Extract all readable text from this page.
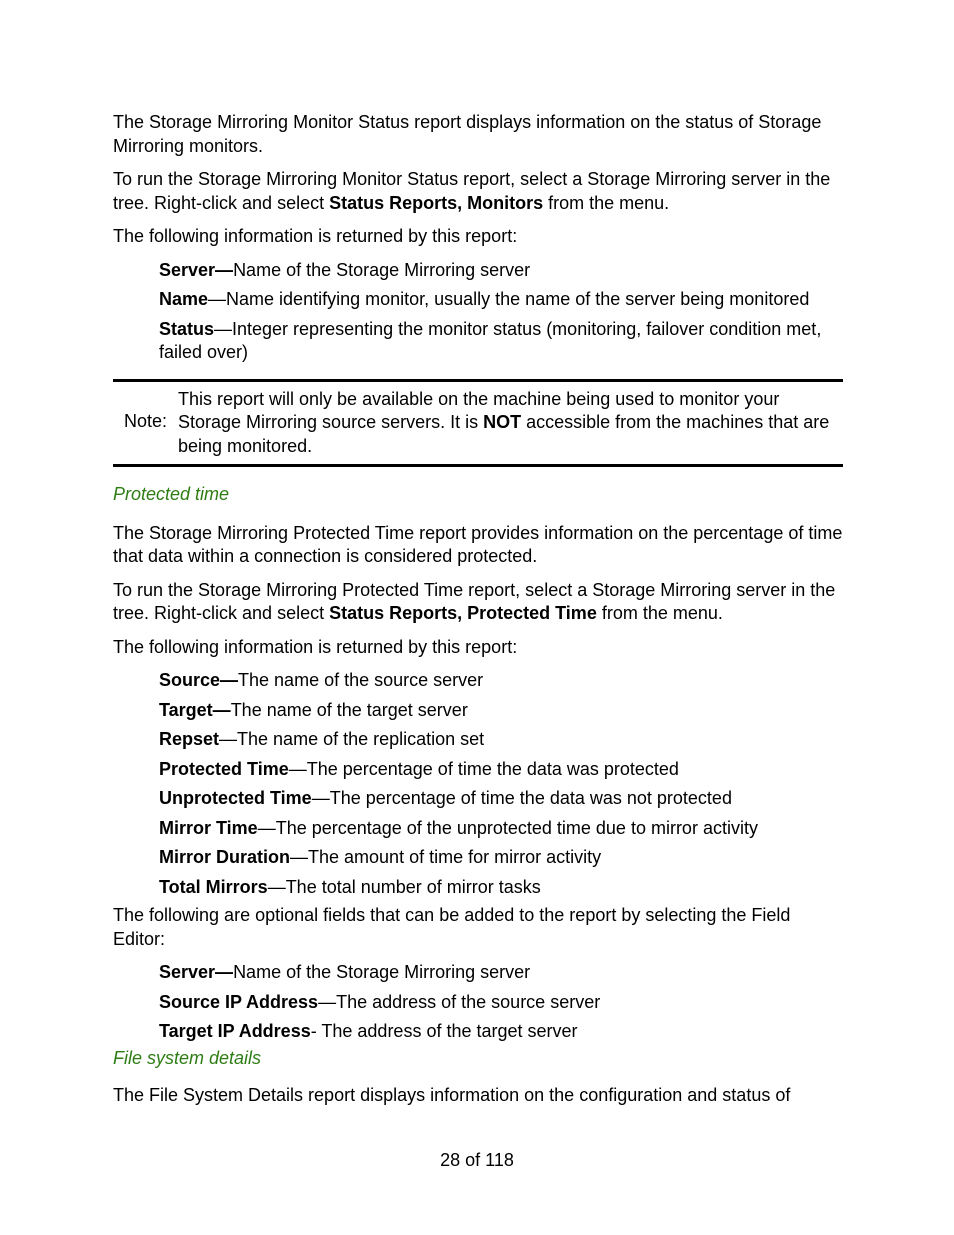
The Storage Mirroring Monitor Status report displays information on the status of Storage Mirroring monitors.

To run the Storage Mirroring Monitor Status report, select a Storage Mirroring server in the tree. Right-click and select Status Reports, Monitors from the menu.

The following information is returned by this report:

Server—Name of the Storage Mirroring server

Name—Name identifying monitor, usually the name of the server being monitored

Status—Integer representing the monitor status (monitoring, failover condition met, failed over)

Note:
This report will only be available on the machine being used to monitor your Storage Mirroring source servers. It is NOT accessible from the machines that are being monitored.

Protected time

The Storage Mirroring Protected Time report provides information on the percentage of time that data within a connection is considered protected.

To run the Storage Mirroring Protected Time report, select a Storage Mirroring server in the tree. Right-click and select Status Reports, Protected Time from the menu.

The following information is returned by this report:

Source—The name of the source server

Target—The name of the target server

Repset—The name of the replication set

Protected Time—The percentage of time the data was protected

Unprotected Time—The percentage of time the data was not protected

Mirror Time—The percentage of the unprotected time due to mirror activity

Mirror Duration—The amount of time for mirror activity

Total Mirrors—The total number of mirror tasks

The following are optional fields that can be added to the report by selecting the Field Editor:

Server—Name of the Storage Mirroring server

Source IP Address—The address of the source server

Target IP Address- The address of the target server

File system details

The File System Details report displays information on the configuration and status of

28 of 118
